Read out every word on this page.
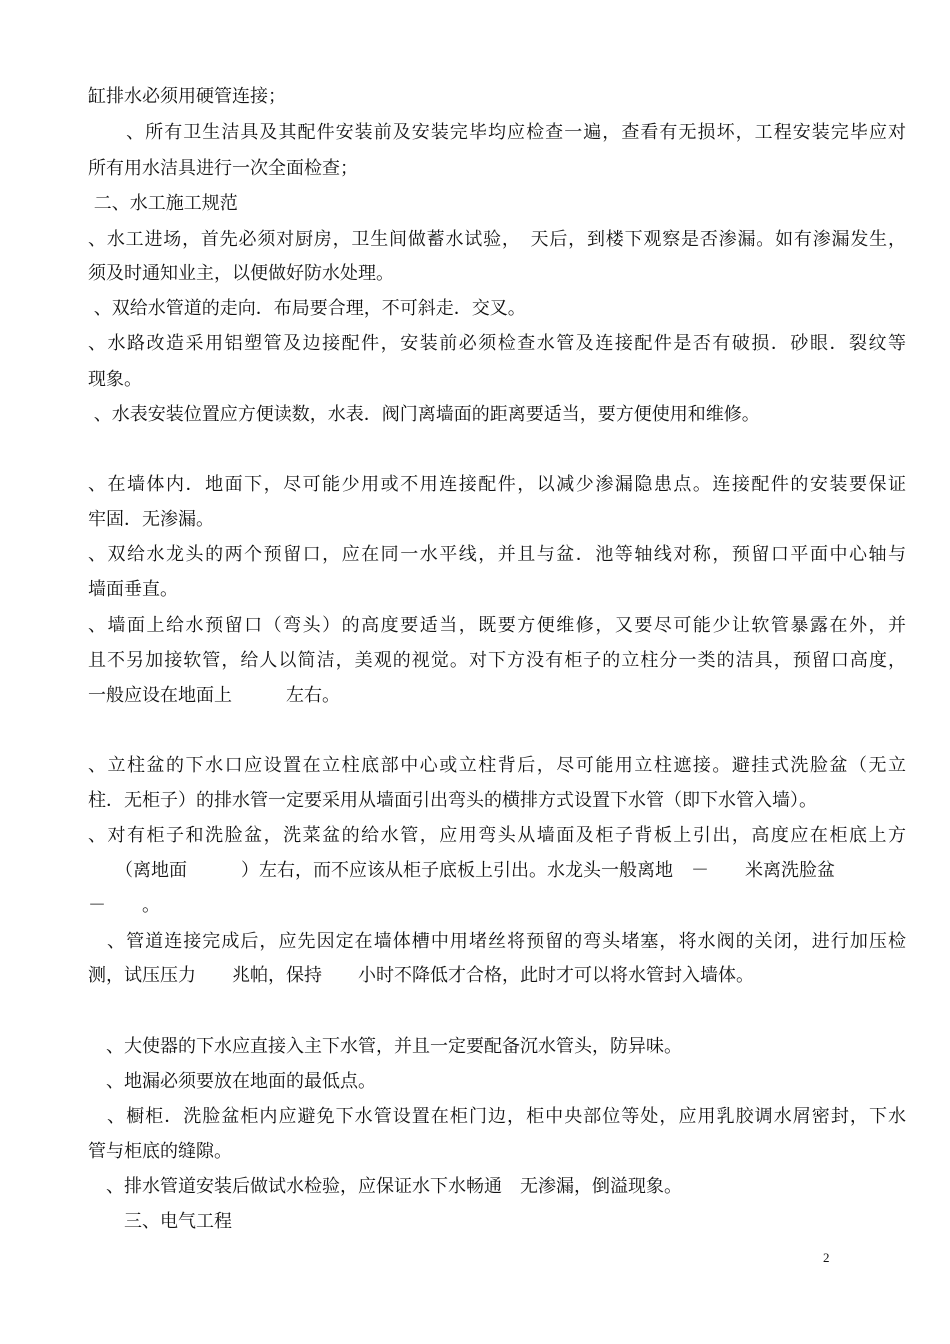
缸排水必须用硬管连接；
　　、所有卫生洁具及其配件安装前及安装完毕均应检查一遍，查看有无损坏，工程安装完毕应对
所有用水洁具进行一次全面检查；
二、水工施工规范
、水工进场，首先必须对厨房，卫生间做蓄水试验，　天后，到楼下观察是否渗漏。如有渗漏发生，
须及时通知业主，以便做好防水处理。
、双给水管道的走向．布局要合理，不可斜走．交叉。
、水路改造采用铝塑管及边接配件，安装前必须检查水管及连接配件是否有破损．砂眼．裂纹等
现象。
、水表安装位置应方便读数，水表．阀门离墙面的距离要适当，要方便使用和维修。
、在墙体内．地面下，尽可能少用或不用连接配件，以减少渗漏隐患点。连接配件的安装要保证
牢固．无渗漏。
、双给水龙头的两个预留口，应在同一水平线，并且与盆．池等轴线对称，预留口平面中心轴与
墙面垂直。
、墙面上给水预留口（弯头）的高度要适当，既要方便维修，又要尽可能少让软管暴露在外，并
且不另加接软管，给人以简洁，美观的视觉。对下方没有柜子的立柱分一类的洁具，预留口高度，
一般应设在地面上　　　左右。
、立柱盆的下水口应设置在立柱底部中心或立柱背后，尽可能用立柱遮接。避挂式洗脸盆（无立
柱．无柜子）的排水管一定要采用从墙面引出弯头的横排方式设置下水管（即下水管入墙）。
、对有柜子和洗脸盆，洗菜盆的给水管，应用弯头从墙面及柜子背板上引出，高度应在柜底上方
　　（离地面　　　）左右，而不应该从柜子底板上引出。水龙头一般离地　－　　米离洗脸盆
－　　。
　、管道连接完成后，应先因定在墙体槽中用堵丝将预留的弯头堵塞，将水阀的关闭，进行加压检
测，试压压力　　兆帕，保持　　小时不降低才合格，此时才可以将水管封入墙体。
　、大使器的下水应直接入主下水管，并且一定要配备沉水管头，防异味。
　、地漏必须要放在地面的最低点。
　、橱柜．洗脸盆柜内应避免下水管设置在柜门边，柜中央部位等处，应用乳胶调水屑密封，下水
管与柜底的缝隙。
　、排水管道安装后做试水检验，应保证水下水畅通　无渗漏，倒溢现象。
　　三、电气工程
2
